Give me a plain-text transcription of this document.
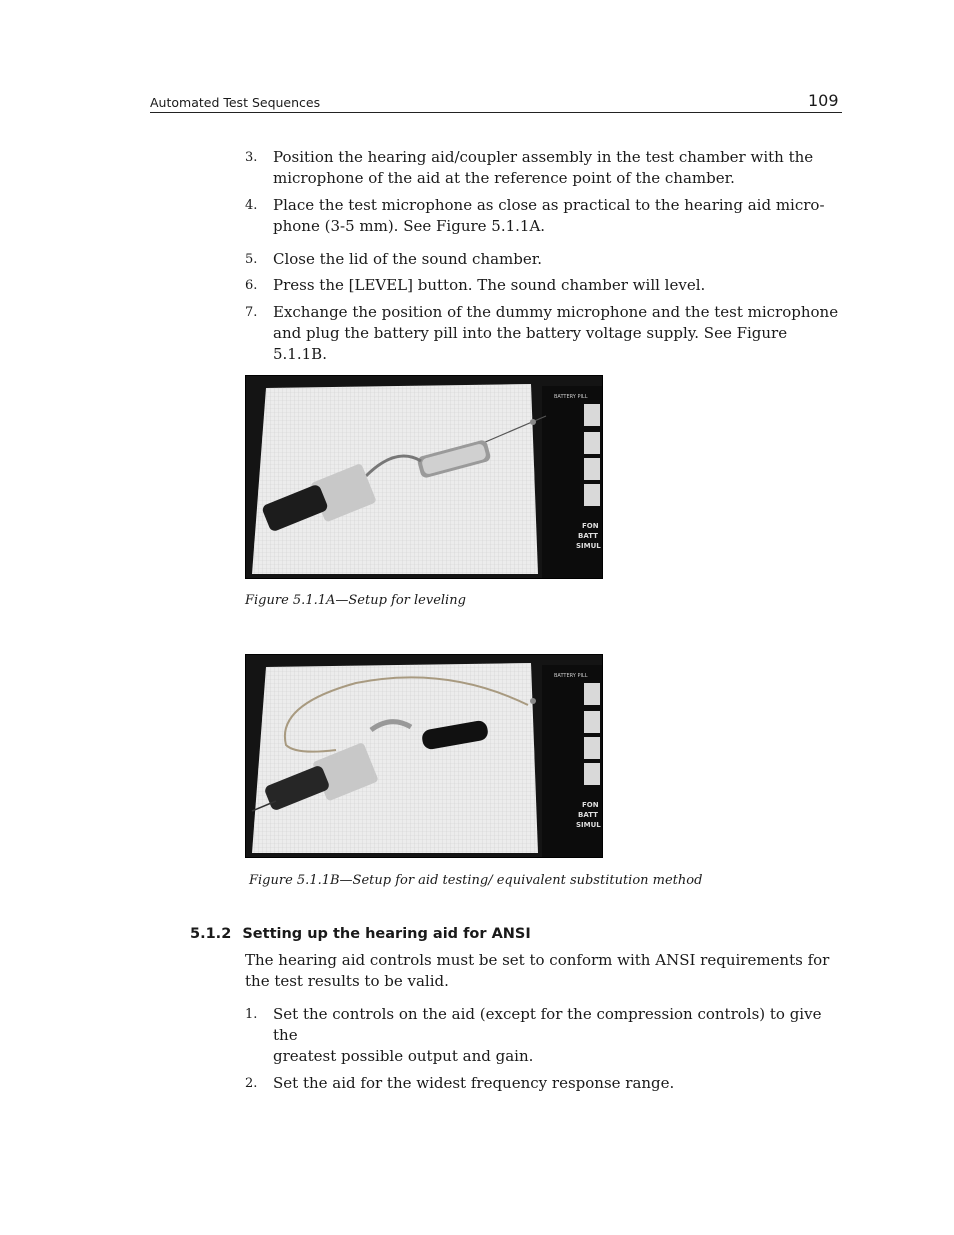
Automated Test Sequences	109
3. Position the hearing aid/coupler assembly in the test chamber with the
microphone of the aid at the reference point of the chamber.
4. Place the test microphone as close as practical to the hearing aid micro-
phone (3-5 mm). See Figure 5.1.1A.
5. Close the lid of the sound chamber.
6. Press the [LEVEL] button. The sound chamber will level.
7. Exchange the position of the dummy microphone and the test microphone
and plug the battery pill into the battery voltage supply. See Figure 5.1.1B.
BATTERY PILL
FON
BATT
SIMUL
Figure 5.1.1A—Setup for leveling
BATTERY PILL
FON
BATT
SIMUL
Figure 5.1.1B—Setup for aid testing/ equivalent substitution method
5.1.2 Setting up the hearing aid for ANSI
The hearing aid controls must be set to conform with ANSI requirements for
the test results to be valid.
1. Set the controls on the aid (except for the compression controls) to give the
greatest possible output and gain.
2. Set the aid for the widest frequency response range.
